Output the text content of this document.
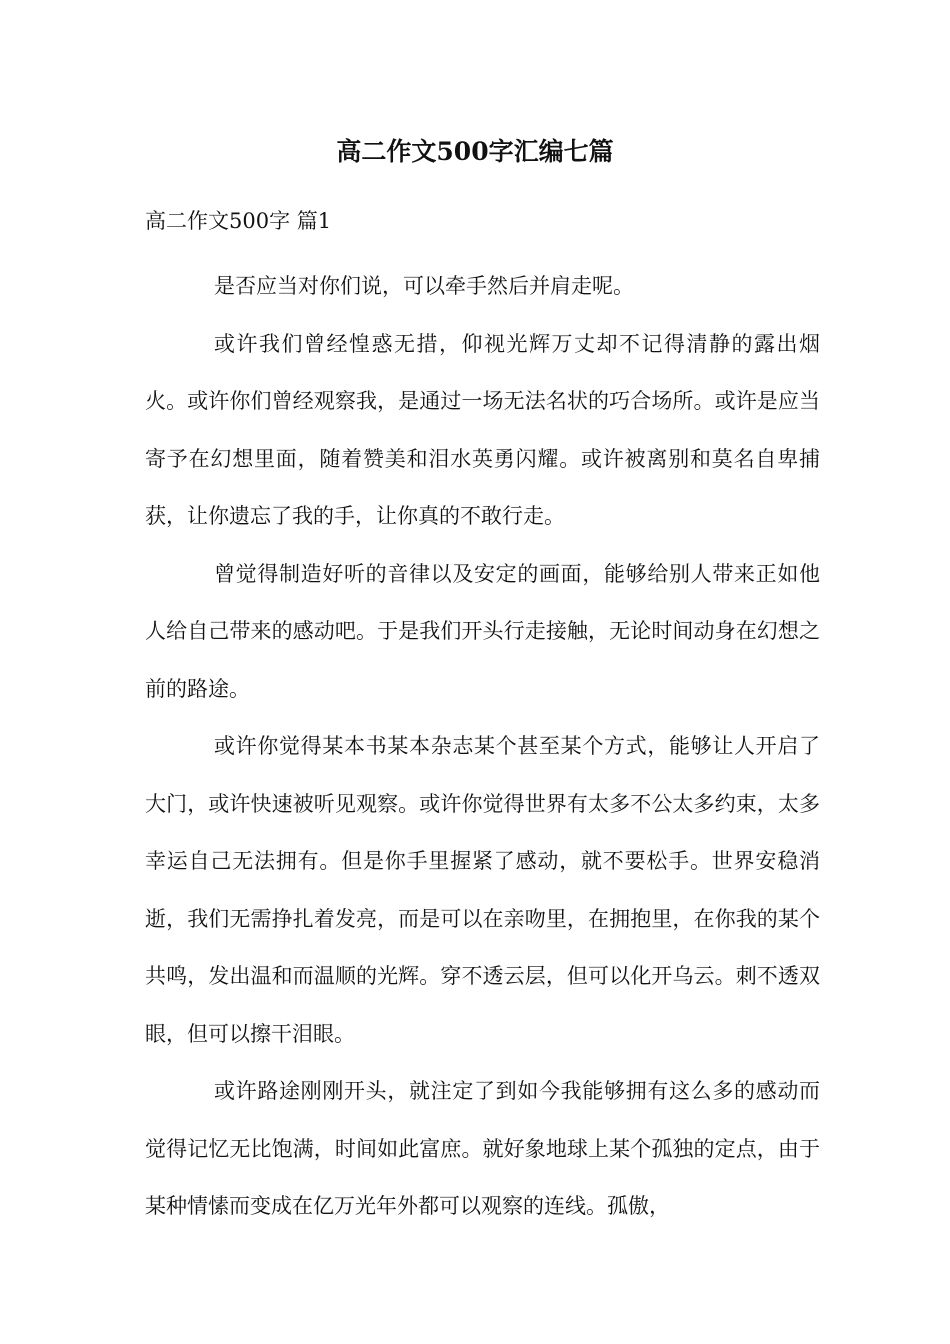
高二作文500字汇编七篇

高二作文500字 篇1

是否应当对你们说，可以牵手然后并肩走呢。

或许我们曾经惶惑无措，仰视光辉万丈却不记得清静的露出烟火。或许你们曾经观察我，是通过一场无法名状的巧合场所。或许是应当寄予在幻想里面，随着赞美和泪水英勇闪耀。或许被离别和莫名自卑捕获，让你遗忘了我的手，让你真的不敢行走。

曾觉得制造好听的音律以及安定的画面，能够给别人带来正如他人给自己带来的感动吧。于是我们开头行走接触，无论时间动身在幻想之前的路途。

或许你觉得某本书某本杂志某个甚至某个方式，能够让人开启了大门，或许快速被听见观察。或许你觉得世界有太多不公太多约束，太多幸运自己无法拥有。但是你手里握紧了感动，就不要松手。世界安稳消逝，我们无需挣扎着发亮，而是可以在亲吻里，在拥抱里，在你我的某个共鸣，发出温和而温顺的光辉。穿不透云层，但可以化开乌云。刺不透双眼，但可以擦干泪眼。

或许路途刚刚开头，就注定了到如今我能够拥有这么多的感动而觉得记忆无比饱满，时间如此富庶。就好象地球上某个孤独的定点，由于某种情愫而变成在亿万光年外都可以观察的连线。孤傲，
